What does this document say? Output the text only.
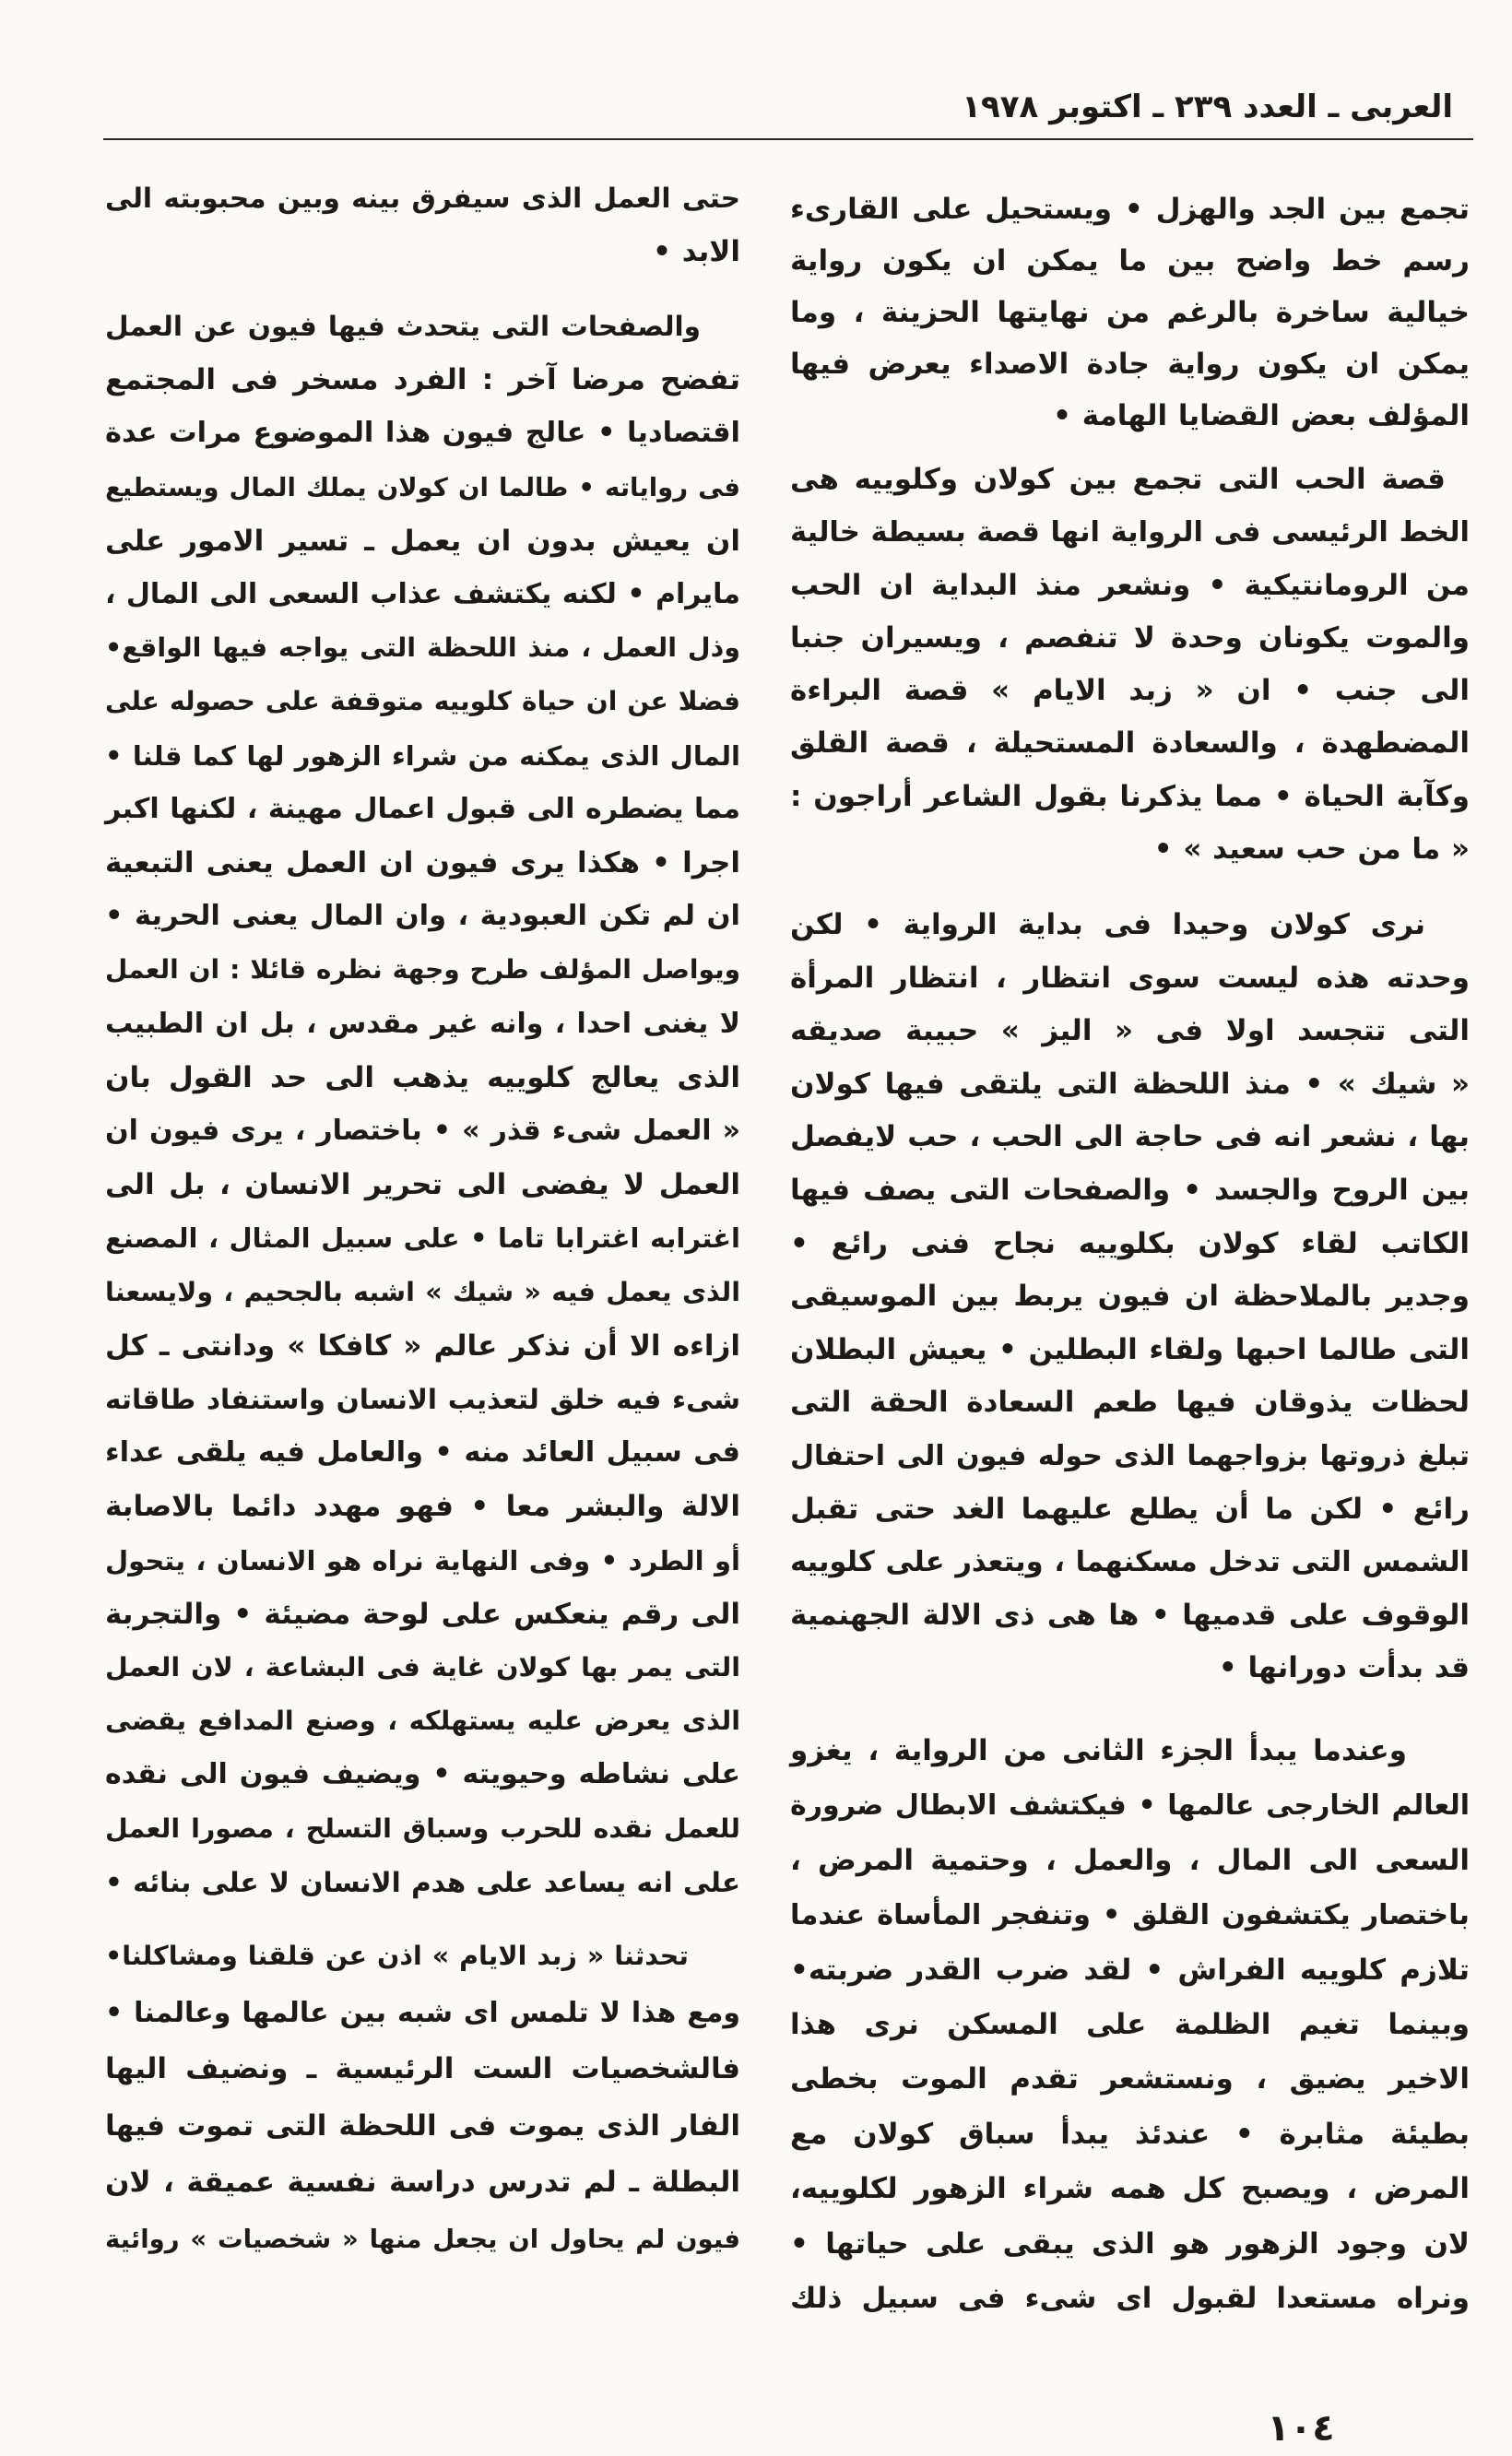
العربى ـ العدد ٢٣٩ ـ اكتوبر ١٩٧٨
تجمع بين الجد والهزل • ويستحيل على القارىء
رسم خط واضح بين ما يمكن ان يكون رواية
خيالية ساخرة بالرغم من نهايتها الحزينة ، وما
يمكن ان يكون رواية جادة الاصداء يعرض فيها
المؤلف بعض القضايا الهامة •
قصة الحب التى تجمع بين كولان وكلوييه هى
الخط الرئيسى فى الرواية انها قصة بسيطة خالية
من الرومانتيكية • ونشعر منذ البداية ان الحب
والموت يكونان وحدة لا تنفصم ، ويسيران جنبا
الى جنب • ان « زبد الايام » قصة البراءة
المضطهدة ، والسعادة المستحيلة ، قصة القلق
وكآبة الحياة • مما يذكرنا بقول الشاعر أراجون :
« ما من حب سعيد » •
نرى كولان وحيدا فى بداية الرواية • لكن
وحدته هذه ليست سوى انتظار ، انتظار المرأة
التى تتجسد اولا فى « اليز » حبيبة صديقه
« شيك » • منذ اللحظة التى يلتقى فيها كولان
بها ، نشعر انه فى حاجة الى الحب ، حب لايفصل
بين الروح والجسد • والصفحات التى يصف فيها
الكاتب لقاء كولان بكلوييه نجاح فنى رائع •
وجدير بالملاحظة ان فيون يربط بين الموسيقى
التى طالما احبها ولقاء البطلين • يعيش البطلان
لحظات يذوقان فيها طعم السعادة الحقة التى
تبلغ ذروتها بزواجهما الذى حوله فيون الى احتفال
رائع • لكن ما أن يطلع عليهما الغد حتى تقبل
الشمس التى تدخل مسكنهما ، ويتعذر على كلوييه
الوقوف على قدميها • ها هى ذى الالة الجهنمية
قد بدأت دورانها •
وعندما يبدأ الجزء الثانى من الرواية ، يغزو
العالم الخارجى عالمها • فيكتشف الابطال ضرورة
السعى الى المال ، والعمل ، وحتمية المرض ،
باختصار يكتشفون القلق • وتنفجر المأساة عندما
تلازم كلوييه الفراش • لقد ضرب القدر ضربته•
وبينما تغيم الظلمة على المسكن نرى هذا
الاخير يضيق ، ونستشعر تقدم الموت بخطى
بطيئة مثابرة • عندئذ يبدأ سباق كولان مع
المرض ، ويصبح كل همه شراء الزهور لكلوييه،
لان وجود الزهور هو الذى يبقى على حياتها •
ونراه مستعدا لقبول اى شىء فى سبيل ذلك
حتى العمل الذى سيفرق بينه وبين محبوبته الى
الابد •
والصفحات التى يتحدث فيها فيون عن العمل
تفضح مرضا آخر : الفرد مسخر فى المجتمع
اقتصاديا • عالج فيون هذا الموضوع مرات عدة
فى رواياته • طالما ان كولان يملك المال ويستطيع
ان يعيش بدون ان يعمل ـ تسير الامور على
مايرام • لكنه يكتشف عذاب السعى الى المال ،
وذل العمل ، منذ اللحظة التى يواجه فيها الواقع•
فضلا عن ان حياة كلوييه متوقفة على حصوله على
المال الذى يمكنه من شراء الزهور لها كما قلنا •
مما يضطره الى قبول اعمال مهينة ، لكنها اكبر
اجرا • هكذا يرى فيون ان العمل يعنى التبعية
ان لم تكن العبودية ، وان المال يعنى الحرية •
ويواصل المؤلف طرح وجهة نظره قائلا : ان العمل
لا يغنى احدا ، وانه غير مقدس ، بل ان الطبيب
الذى يعالج كلوييه يذهب الى حد القول بان
« العمل شىء قذر » • باختصار ، يرى فيون ان
العمل لا يفضى الى تحرير الانسان ، بل الى
اغترابه اغترابا تاما • على سبيل المثال ، المصنع
الذى يعمل فيه « شيك » اشبه بالجحيم ، ولايسعنا
ازاءه الا أن نذكر عالم « كافكا » ودانتى ـ كل
شىء فيه خلق لتعذيب الانسان واستنفاد طاقاته
فى سبيل العائد منه • والعامل فيه يلقى عداء
الالة والبشر معا • فهو مهدد دائما بالاصابة
أو الطرد • وفى النهاية نراه هو الانسان ، يتحول
الى رقم ينعكس على لوحة مضيئة • والتجربة
التى يمر بها كولان غاية فى البشاعة ، لان العمل
الذى يعرض عليه يستهلكه ، وصنع المدافع يقضى
على نشاطه وحيويته • ويضيف فيون الى نقده
للعمل نقده للحرب وسباق التسلح ، مصورا العمل
على انه يساعد على هدم الانسان لا على بنائه •
تحدثنا « زبد الايام » اذن عن قلقنا ومشاكلنا•
ومع هذا لا تلمس اى شبه بين عالمها وعالمنا •
فالشخصيات الست الرئيسية ـ ونضيف اليها
الفار الذى يموت فى اللحظة التى تموت فيها
البطلة ـ لم تدرس دراسة نفسية عميقة ، لان
فيون لم يحاول ان يجعل منها « شخصيات » روائية
١٠٤
